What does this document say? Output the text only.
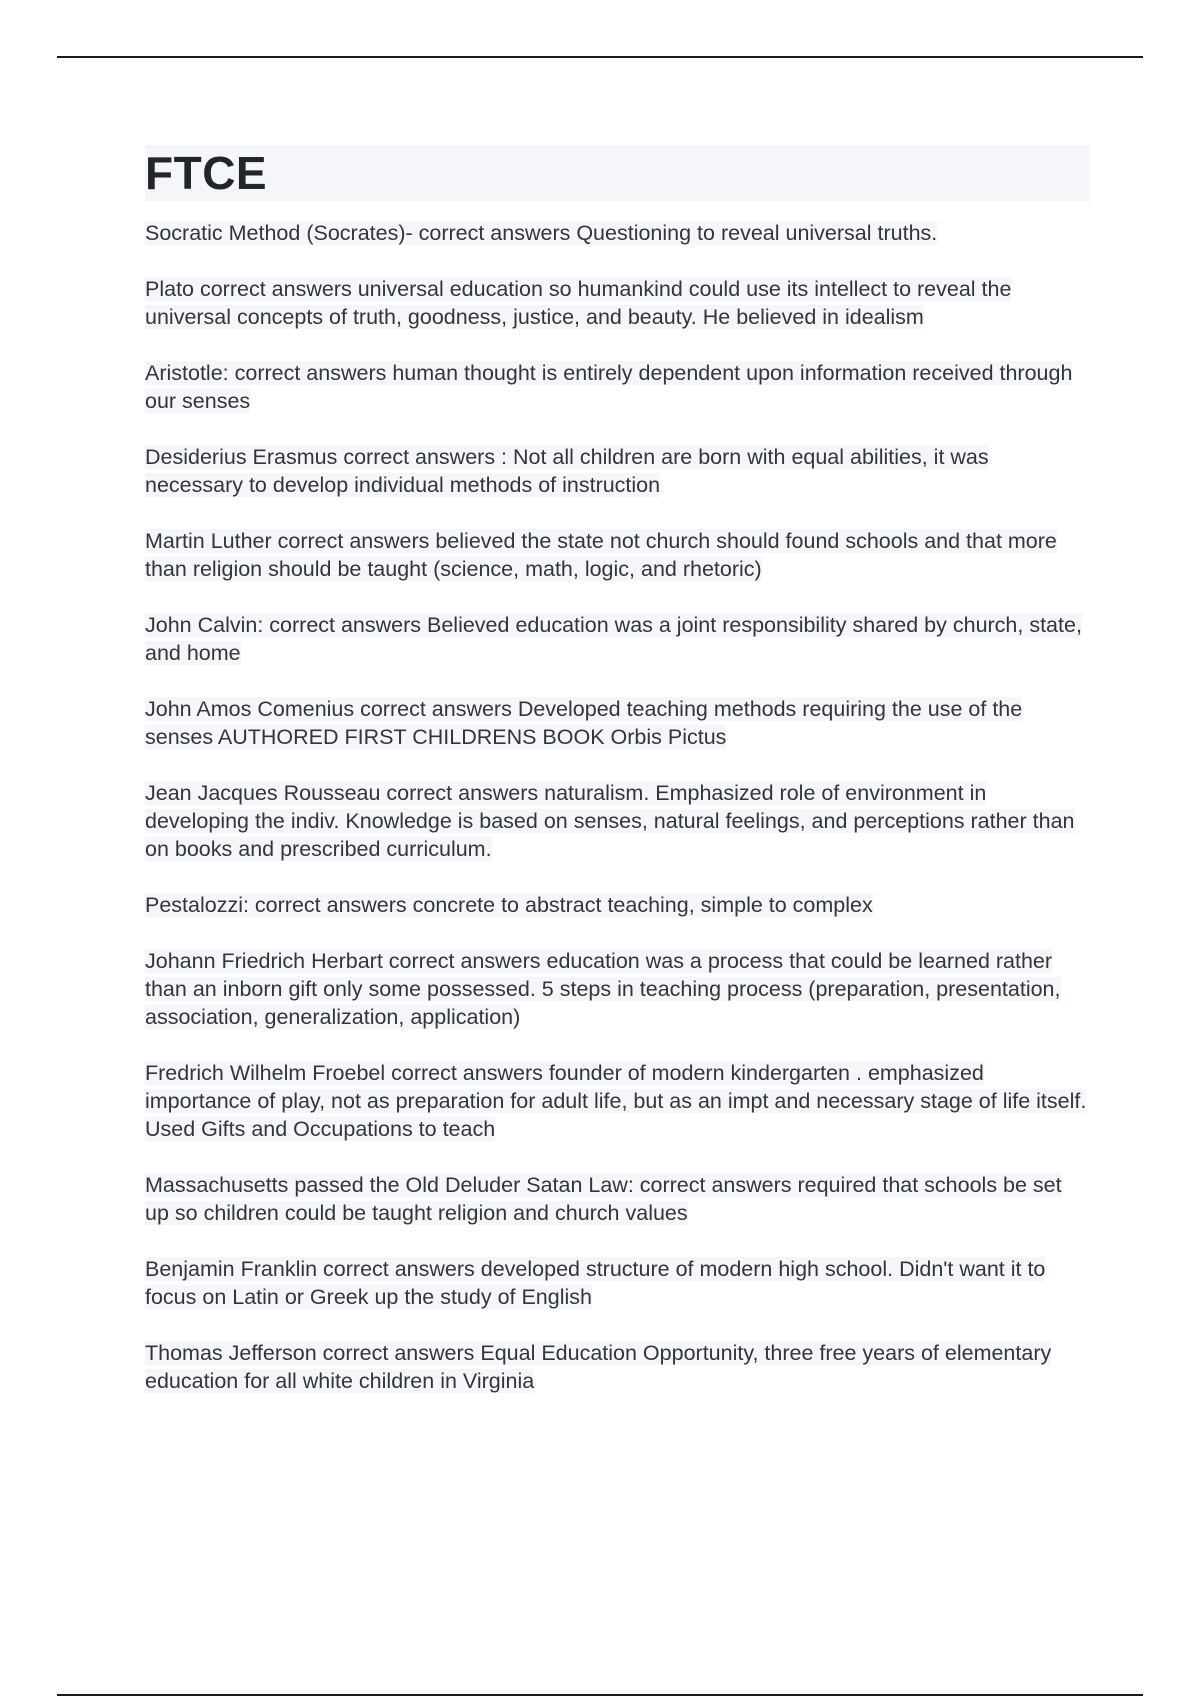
FTCE

Socratic Method (Socrates)- correct answers Questioning to reveal universal truths.

Plato correct answers universal education so humankind could use its intellect to reveal the universal concepts of truth, goodness, justice, and beauty. He believed in idealism

Aristotle: correct answers human thought is entirely dependent upon information received through our senses

Desiderius Erasmus correct answers : Not all children are born with equal abilities, it was necessary to develop individual methods of instruction

Martin Luther correct answers believed the state not church should found schools and that more than religion should be taught (science, math, logic, and rhetoric)

John Calvin: correct answers Believed education was a joint responsibility shared by church, state, and home

John Amos Comenius correct answers Developed teaching methods requiring the use of the senses AUTHORED FIRST CHILDRENS BOOK Orbis Pictus

Jean Jacques Rousseau correct answers naturalism. Emphasized role of environment in developing the indiv. Knowledge is based on senses, natural feelings, and perceptions rather than on books and prescribed curriculum.

Pestalozzi: correct answers concrete to abstract teaching, simple to complex

Johann Friedrich Herbart correct answers education was a process that could be learned rather than an inborn gift only some possessed. 5 steps in teaching process (preparation, presentation, association, generalization, application)

Fredrich Wilhelm Froebel correct answers founder of modern kindergarten . emphasized importance of play, not as preparation for adult life, but as an impt and necessary stage of life itself. Used Gifts and Occupations to teach

Massachusetts passed the Old Deluder Satan Law: correct answers required that schools be set up so children could be taught religion and church values

Benjamin Franklin correct answers developed structure of modern high school. Didn't want it to focus on Latin or Greek up the study of English

Thomas Jefferson correct answers Equal Education Opportunity, three free years of elementary education for all white children in Virginia
